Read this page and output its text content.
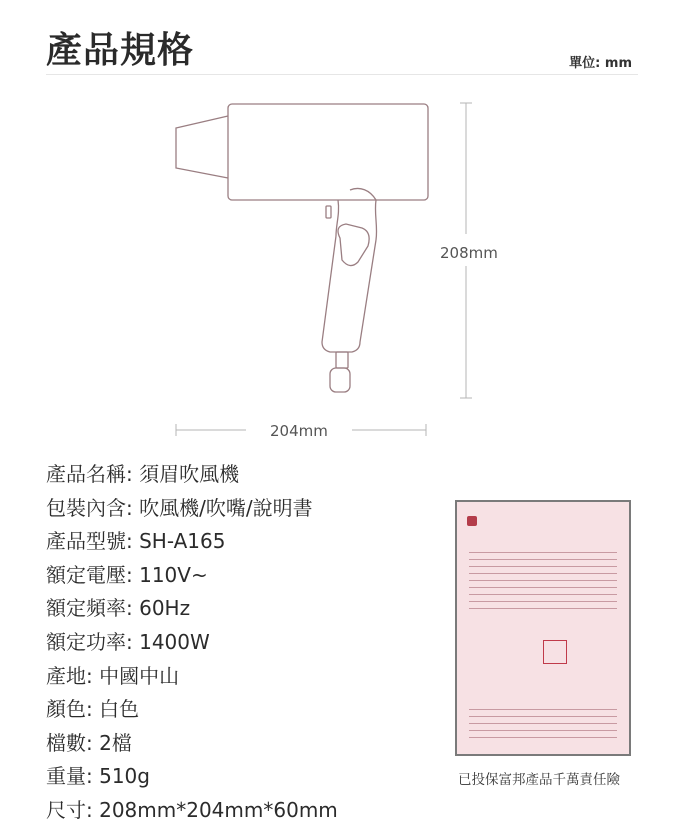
產品規格	單位: mm
208mm
204mm
產品名稱: 須眉吹風機
包裝內含: 吹風機/吹嘴/說明書
產品型號: SH-A165
額定電壓: 110V~
額定頻率: 60Hz
額定功率: 1400W
產地: 中國中山
顏色: 白色
檔數: 2檔
重量: 510g
尺寸: 208mm*204mm*60mm
已投保富邦產品千萬責任險
